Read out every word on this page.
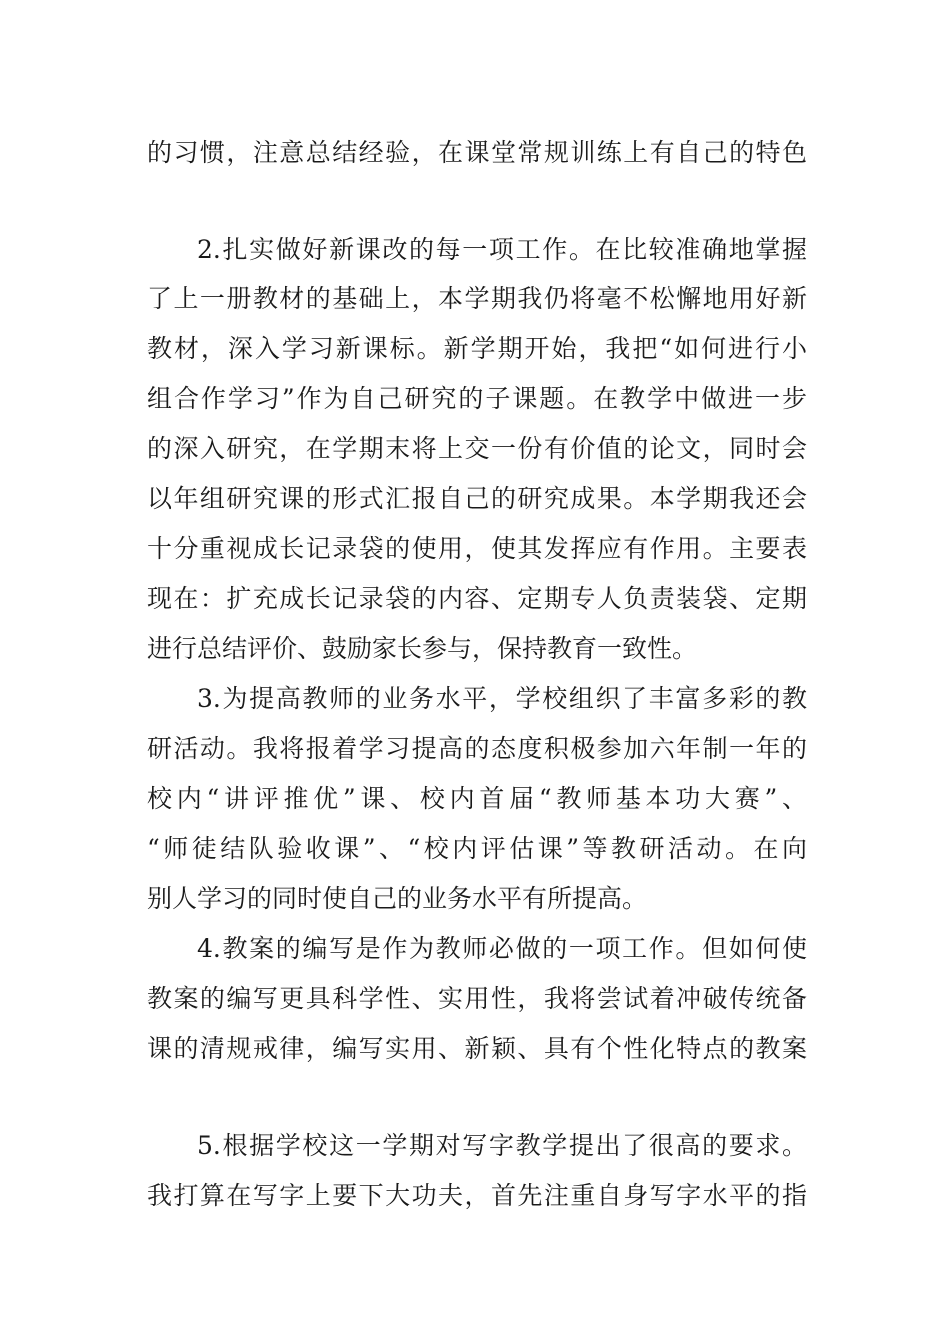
的习惯，注意总结经验，在课堂常规训练上有自己的特色
2.扎实做好新课改的每一项工作。在比较准确地掌握
了上一册教材的基础上，本学期我仍将毫不松懈地用好新
教材，深入学习新课标。新学期开始，我把“如何进行小
组合作学习”作为自己研究的子课题。在教学中做进一步
的深入研究，在学期末将上交一份有价值的论文，同时会
以年组研究课的形式汇报自己的研究成果。本学期我还会
十分重视成长记录袋的使用，使其发挥应有作用。主要表
现在：扩充成长记录袋的内容、定期专人负责装袋、定期
进行总结评价、鼓励家长参与，保持教育一致性。
3.为提高教师的业务水平，学校组织了丰富多彩的教
研活动。我将报着学习提高的态度积极参加六年制一年的
校内“讲评推优”课、校内首届“教师基本功大赛”、
“师徒结队验收课”、“校内评估课”等教研活动。在向
别人学习的同时使自己的业务水平有所提高。
4.教案的编写是作为教师必做的一项工作。但如何使
教案的编写更具科学性、实用性，我将尝试着冲破传统备
课的清规戒律，编写实用、新颖、具有个性化特点的教案
5.根据学校这一学期对写字教学提出了很高的要求。
我打算在写字上要下大功夫，首先注重自身写字水平的指
